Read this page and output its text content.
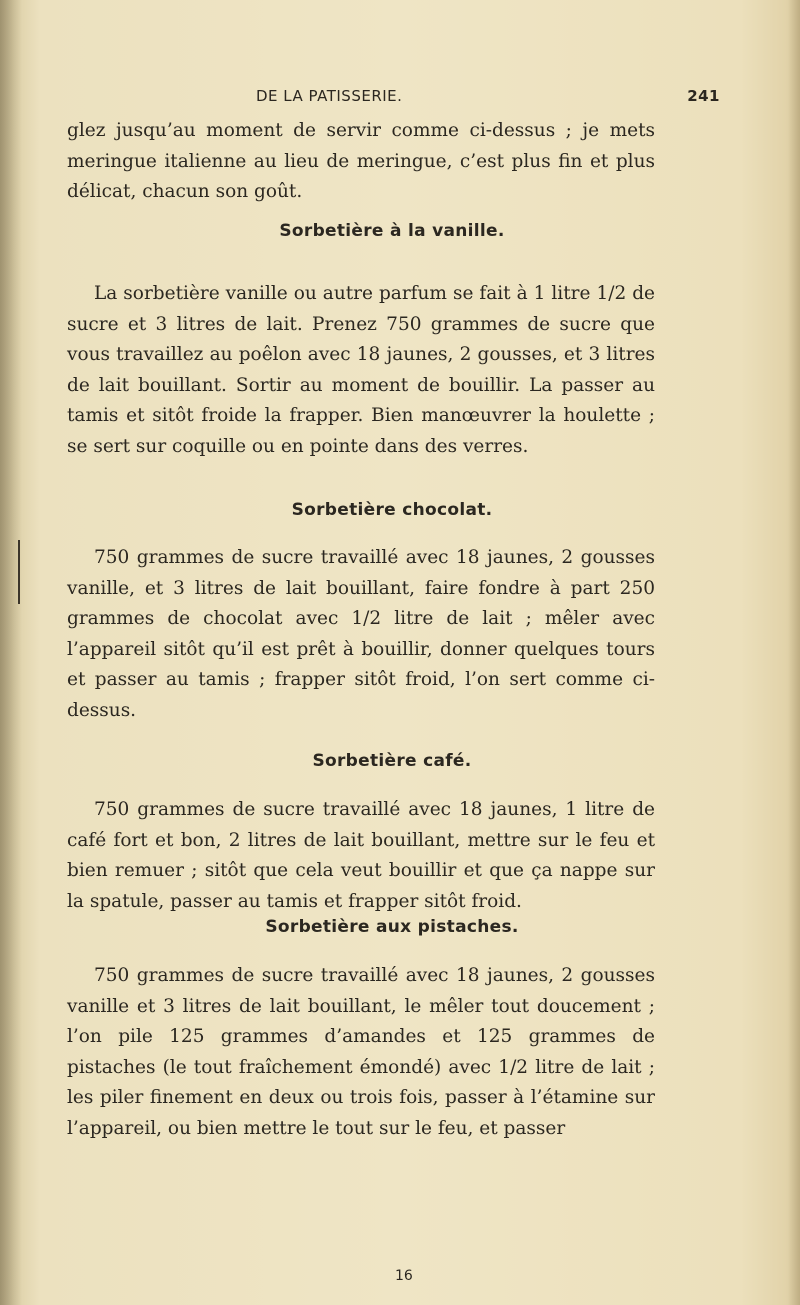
DE LA PATISSERIE.	241
glez jusqu’au moment de servir comme ci-dessus ; je mets meringue italienne au lieu de meringue, c’est plus fin et plus délicat, chacun son goût.
Sorbetière à la vanille.
La sorbetière vanille ou autre parfum se fait à 1 litre 1/2 de sucre et 3 litres de lait. Prenez 750 grammes de sucre que vous travaillez au poêlon avec 18 jaunes, 2 gousses, et 3 litres de lait bouillant. Sortir au moment de bouillir. La passer au tamis et sitôt froide la frapper. Bien manœuvrer la houlette ; se sert sur coquille ou en pointe dans des verres.
Sorbetière chocolat.
750 grammes de sucre travaillé avec 18 jaunes, 2 gousses vanille, et 3 litres de lait bouillant, faire fondre à part 250 grammes de chocolat avec 1/2 litre de lait ; mêler avec l’appareil sitôt qu’il est prêt à bouillir, donner quelques tours et passer au tamis ; frapper sitôt froid, l’on sert comme ci-dessus.
Sorbetière café.
750 grammes de sucre travaillé avec 18 jaunes, 1 litre de café fort et bon, 2 litres de lait bouillant, mettre sur le feu et bien remuer ; sitôt que cela veut bouillir et que ça nappe sur la spatule, passer au tamis et frapper sitôt froid.
Sorbetière aux pistaches.
750 grammes de sucre travaillé avec 18 jaunes, 2 gousses vanille et 3 litres de lait bouillant, le mêler tout doucement ; l’on pile 125 grammes d’amandes et 125 grammes de pistaches (le tout fraîchement émondé) avec 1/2 litre de lait ; les piler finement en deux ou trois fois, passer à l’étamine sur l’appareil, ou bien mettre le tout sur le feu, et passer
16
